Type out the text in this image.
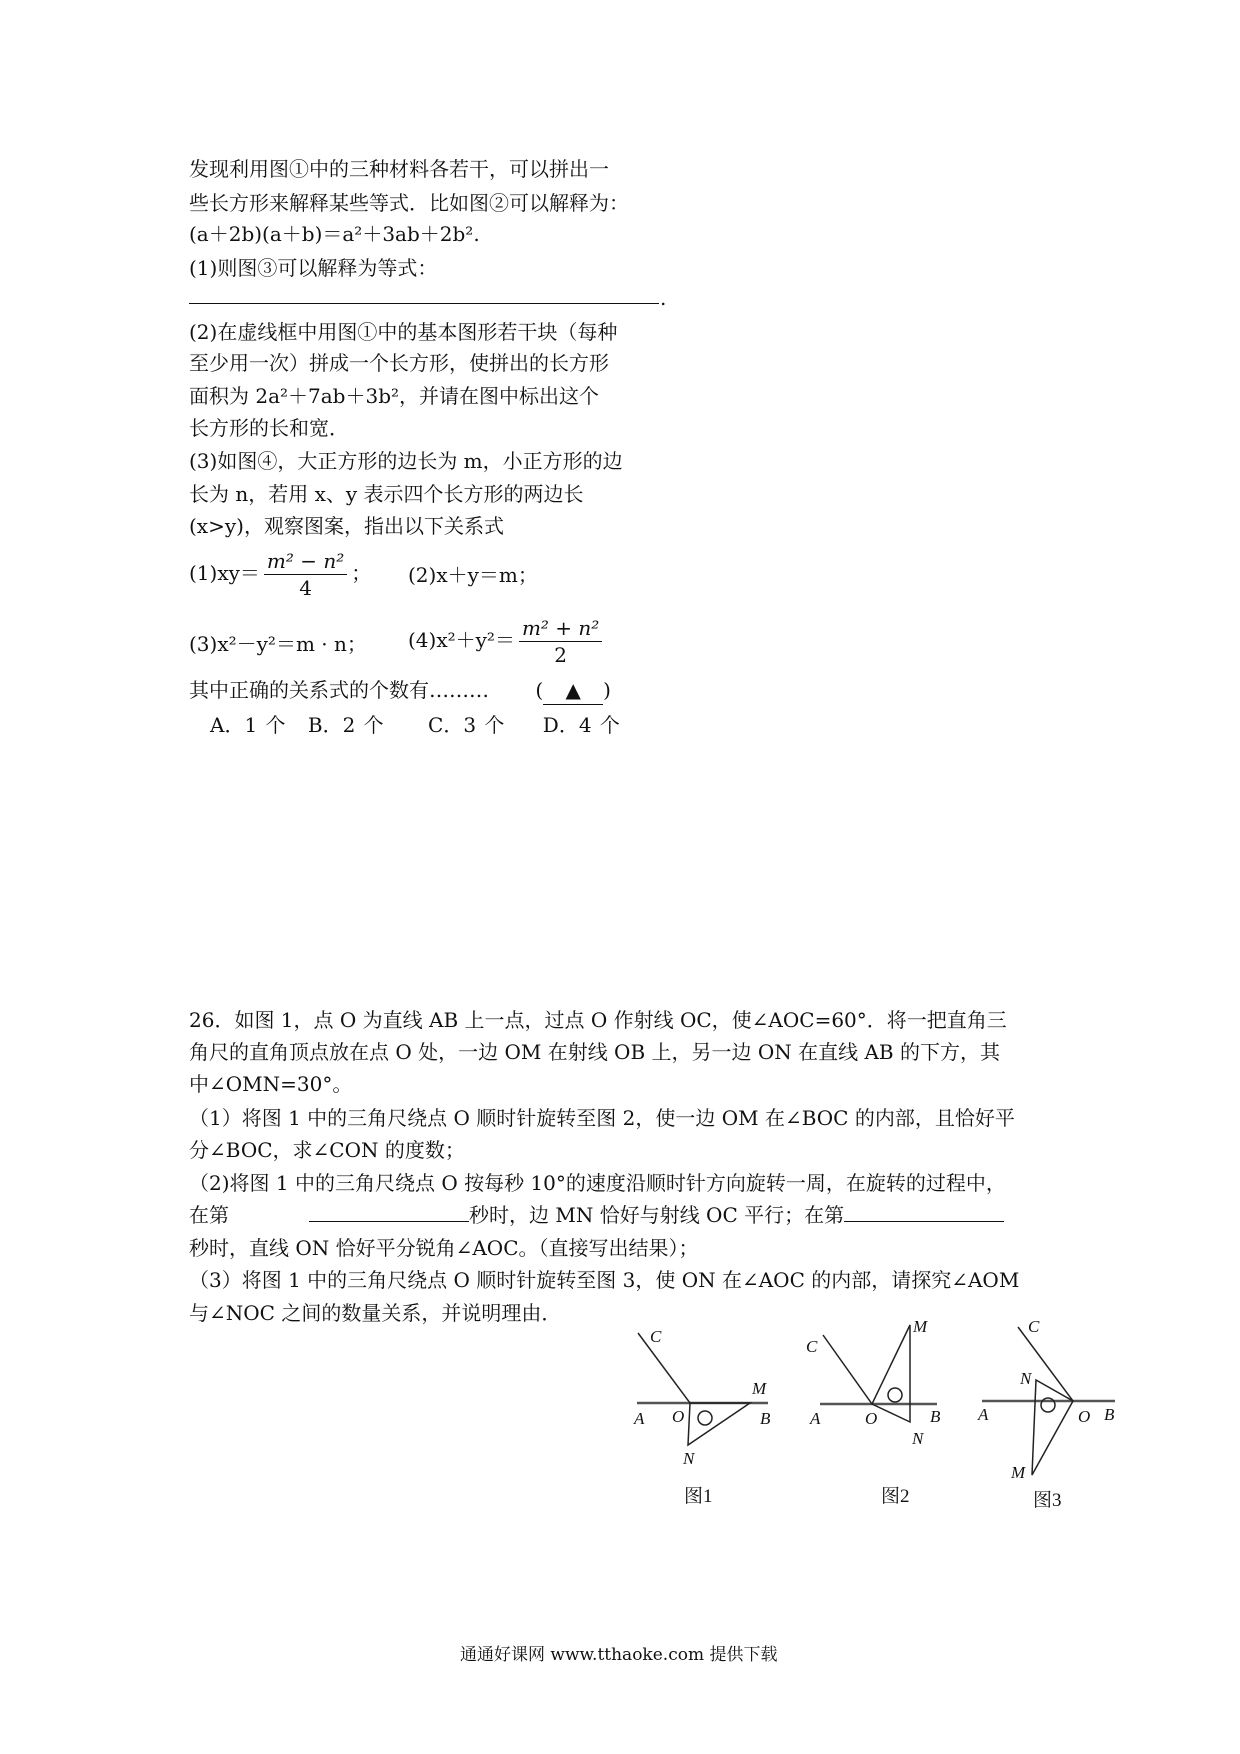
发现利用图①中的三种材料各若干，可以拼出一
些长方形来解释某些等式．比如图②可以解释为：
(a＋2b)(a＋b)＝a²＋3ab＋2b².
(1)则图③可以解释为等式：
.
(2)在虚线框中用图①中的基本图形若干块（每种
至少用一次）拼成一个长方形，使拼出的长方形
面积为 2a²＋7ab＋3b²，并请在图中标出这个
长方形的长和宽．
(3)如图④，大正方形的边长为 m，小正方形的边
长为 n，若用 x、y 表示四个长方形的两边长
(x>y)，观察图案，指出以下关系式
$(1)xy= \frac{\text{m² − n²}}{4}$ ； (2)x＋y＝m；
(3)x²－y²＝m · n； $(4)x^2+y^2= \frac{\text{m² + n²}}{2}$
其中正确的关系式的个数有……… ( ▲ )
A．1 个 B．2 个 C．3 个 D．4 个
26．如图 1，点 O 为直线 AB 上一点，过点 O 作射线 OC，使∠AOC=60°．将一把直角三
角尺的直角顶点放在点 O 处，一边 OM 在射线 OB 上，另一边 ON 在直线 AB 的下方，其
中∠OMN=30°。
（1）将图 1 中的三角尺绕点 O 顺时针旋转至图 2，使一边 OM 在∠BOC 的内部，且恰好平
分∠BOC，求∠CON 的度数；
（2)将图 1 中的三角尺绕点 O 按每秒 10°的速度沿顺时针方向旋转一周，在旋转的过程中，
在第	秒时，边 MN 恰好与射线 OC 平行；在第
秒时，直线 ON 恰好平分锐角∠AOC。（直接写出结果）；
（3）将图 1 中的三角尺绕点 O 顺时针旋转至图 3，使 ON 在∠AOC 的内部，请探究∠AOM
与∠NOC 之间的数量关系，并说明理由．
C
A O
M
B
N
图1
C
A	O
M
B
N
图2
C
N
A	O B
M
图3
通通好课网 www.tthaoke.com 提供下载
